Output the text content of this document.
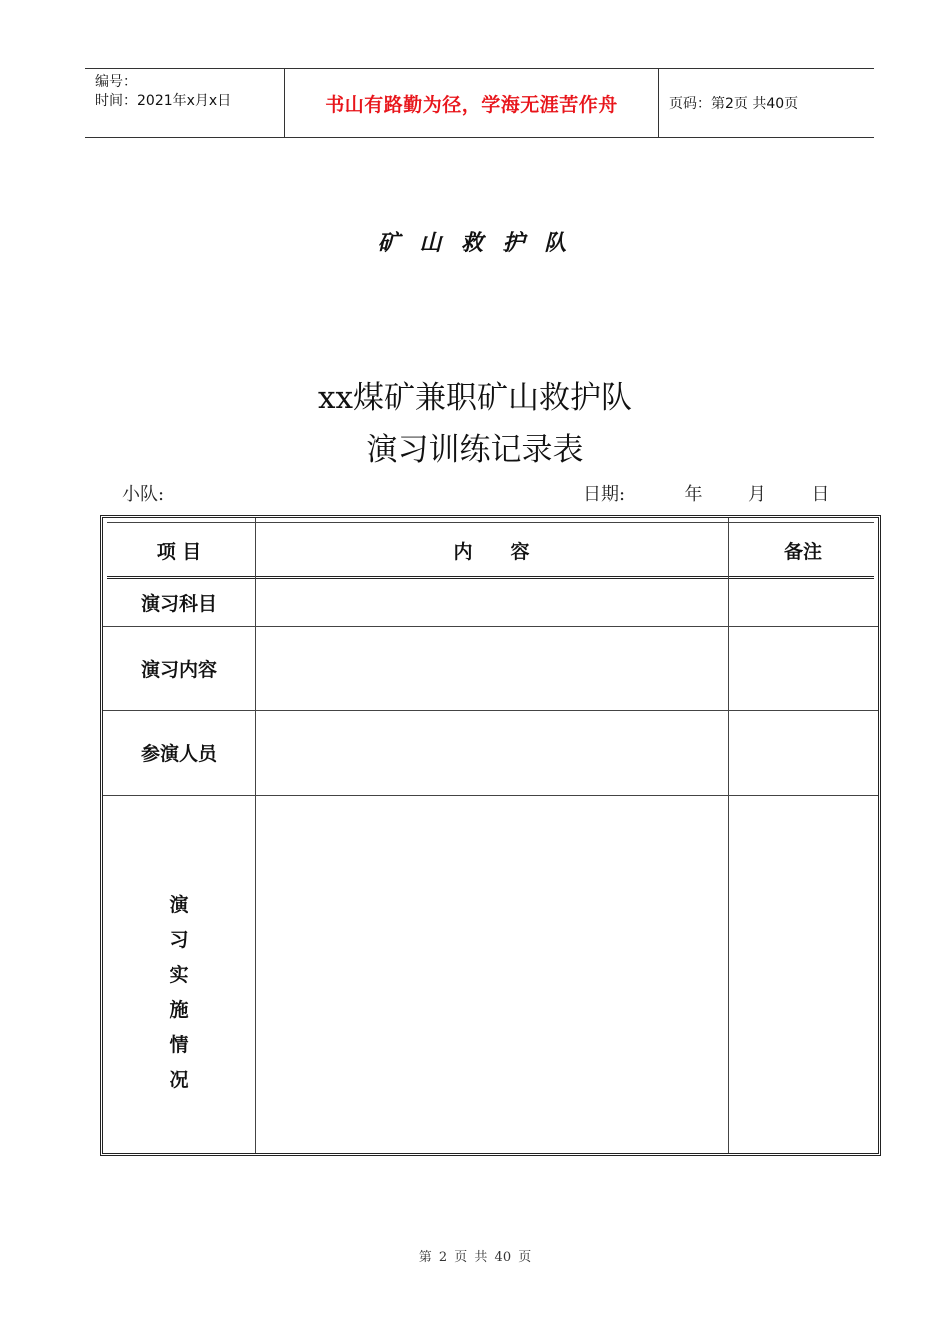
编号：
时间：2021年x月x日	书山有路勤为径，学海无涯苦作舟	页码：第2页 共40页
矿 山 救 护 队
xx煤矿兼职矿山救护队
演习训练记录表
小队:	日期:	年	月	日
项 目	内　　容	备注
演习科目
演习内容
参演人员
演
习
实
施
情
况
第 2 页 共 40 页
